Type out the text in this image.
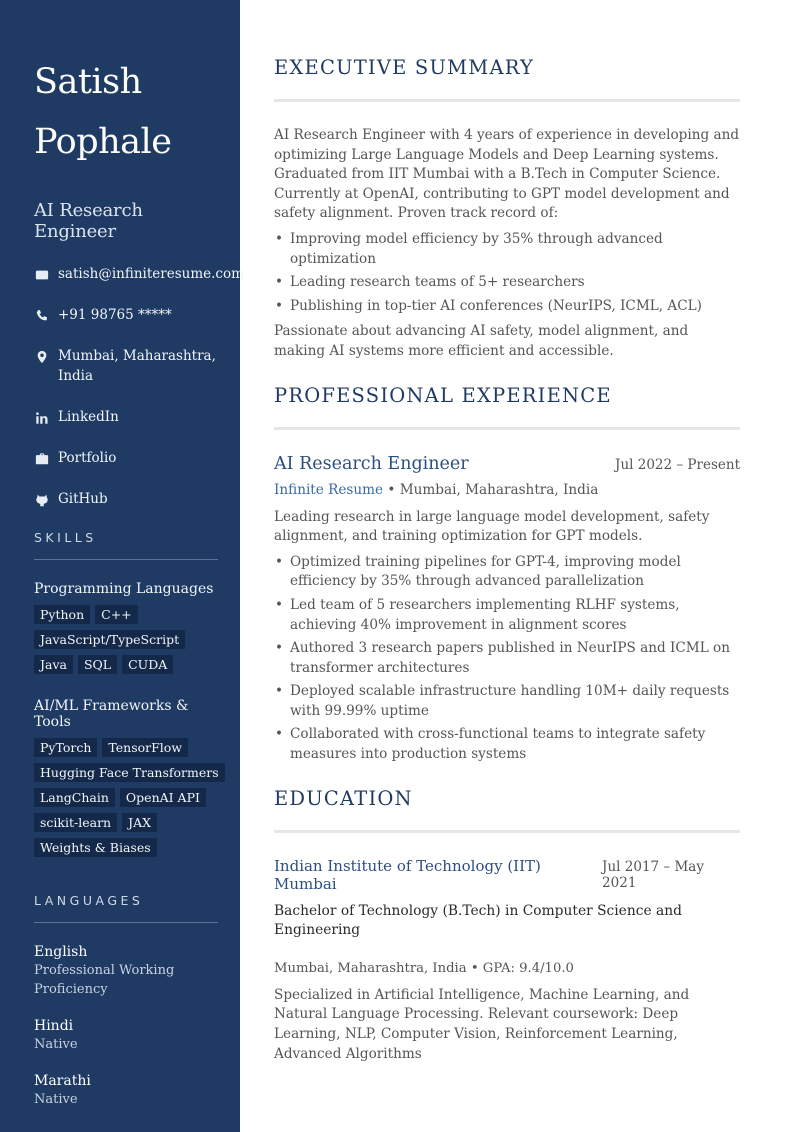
Satish
Pophale
AI Research Engineer
satish@infiniteresume.com
+91 98765 *****
Mumbai, Maharashtra, India
LinkedIn
Portfolio
GitHub
SKILLS
Programming Languages
Python	C++
JavaScript/TypeScript
Java	SQL	CUDA
AI/ML Frameworks & Tools
PyTorch	TensorFlow
Hugging Face Transformers
LangChain	OpenAI API
scikit-learn	JAX
Weights & Biases
LANGUAGES
English
Professional Working Proficiency
Hindi
Native
Marathi
Native
EXECUTIVE SUMMARY

AI Research Engineer with 4 years of experience in developing and optimizing Large Language Models and Deep Learning systems. Graduated from IIT Mumbai with a B.Tech in Computer Science. Currently at OpenAI, contributing to GPT model development and safety alignment. Proven track record of:

• Improving model efficiency by 35% through advanced optimization
• Leading research teams of 5+ researchers
• Publishing in top-tier AI conferences (NeurIPS, ICML, ACL)

Passionate about advancing AI safety, model alignment, and making AI systems more efficient and accessible.

PROFESSIONAL EXPERIENCE
AI Research Engineer	Jul 2022 – Present
Infinite Resume • Mumbai, Maharashtra, India

Leading research in large language model development, safety alignment, and training optimization for GPT models.

• Optimized training pipelines for GPT-4, improving model efficiency by 35% through advanced parallelization
• Led team of 5 researchers implementing RLHF systems, achieving 40% improvement in alignment scores
• Authored 3 research papers published in NeurIPS and ICML on transformer architectures
• Deployed scalable infrastructure handling 10M+ daily requests with 99.99% uptime
• Collaborated with cross-functional teams to integrate safety measures into production systems
EDUCATION
Indian Institute of Technology (IIT) Mumbai
Jul 2017 – May 2021
Bachelor of Technology (B.Tech) in Computer Science and Engineering
Mumbai, Maharashtra, India • GPA: 9.4/10.0

Specialized in Artificial Intelligence, Machine Learning, and Natural Language Processing. Relevant coursework: Deep Learning, NLP, Computer Vision, Reinforcement Learning, Advanced Algorithms
